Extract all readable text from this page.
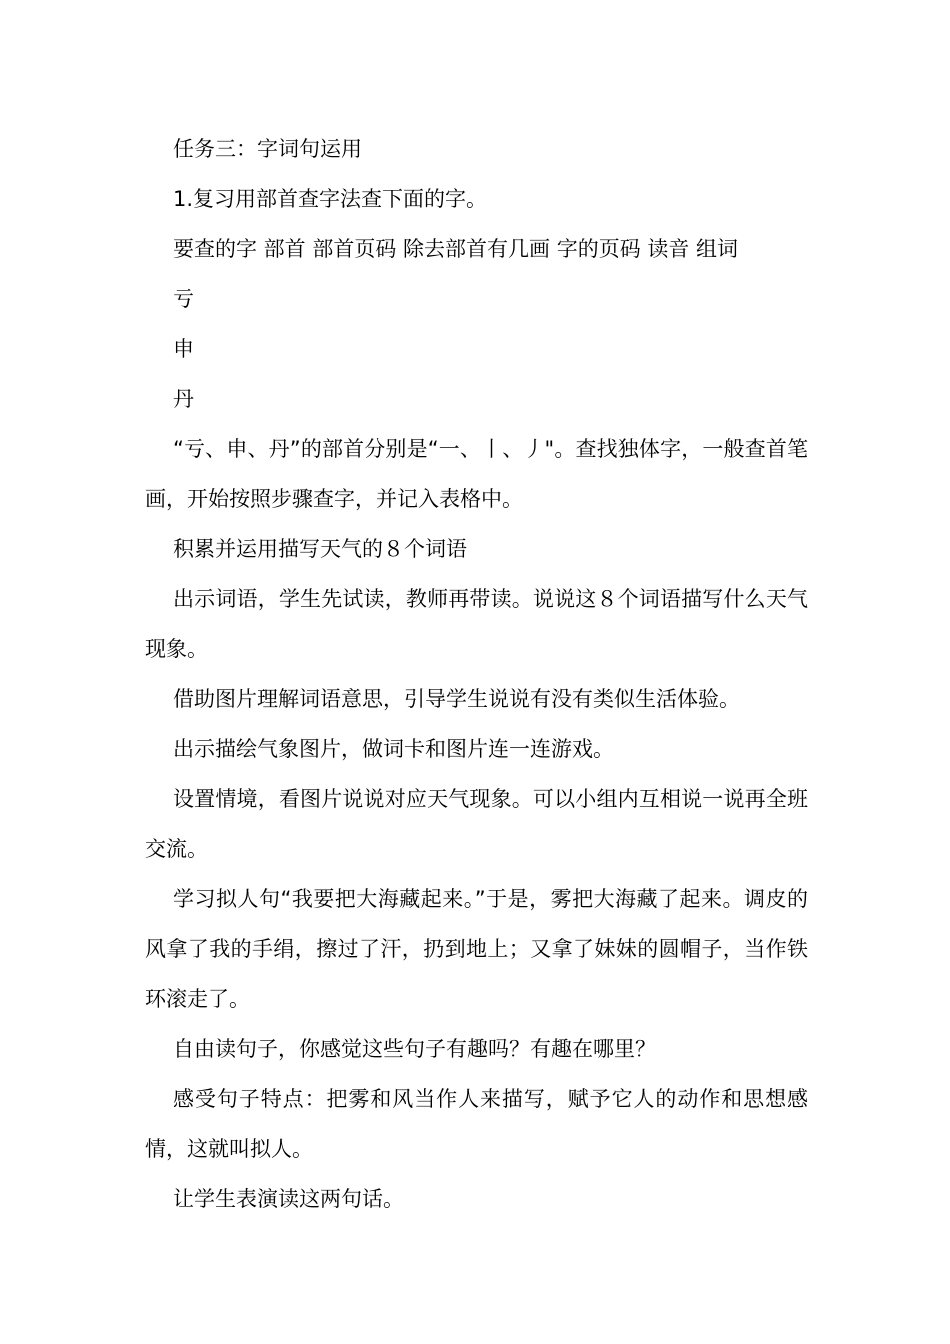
任务三：字词句运用

1.复习用部首查字法查下面的字。

要查的字 部首 部首页码 除去部首有几画 字的页码 读音 组词

亏

申

丹

“亏、申、丹”的部首分别是“一、丨、丿"。查找独体字，一般查首笔画，开始按照步骤查字，并记入表格中。

积累并运用描写天气的８个词语

出示词语，学生先试读，教师再带读。说说这８个词语描写什么天气现象。

借助图片理解词语意思，引导学生说说有没有类似生活体验。

出示描绘气象图片，做词卡和图片连一连游戏。

设置情境，看图片说说对应天气现象。可以小组内互相说一说再全班交流。

学习拟人句“我要把大海藏起来。”于是，雾把大海藏了起来。调皮的风拿了我的手绢，擦过了汗，扔到地上；又拿了妹妹的圆帽子，当作铁环滚走了。

自由读句子，你感觉这些句子有趣吗？有趣在哪里？

感受句子特点：把雾和风当作人来描写，赋予它人的动作和思想感情，这就叫拟人。

让学生表演读这两句话。
